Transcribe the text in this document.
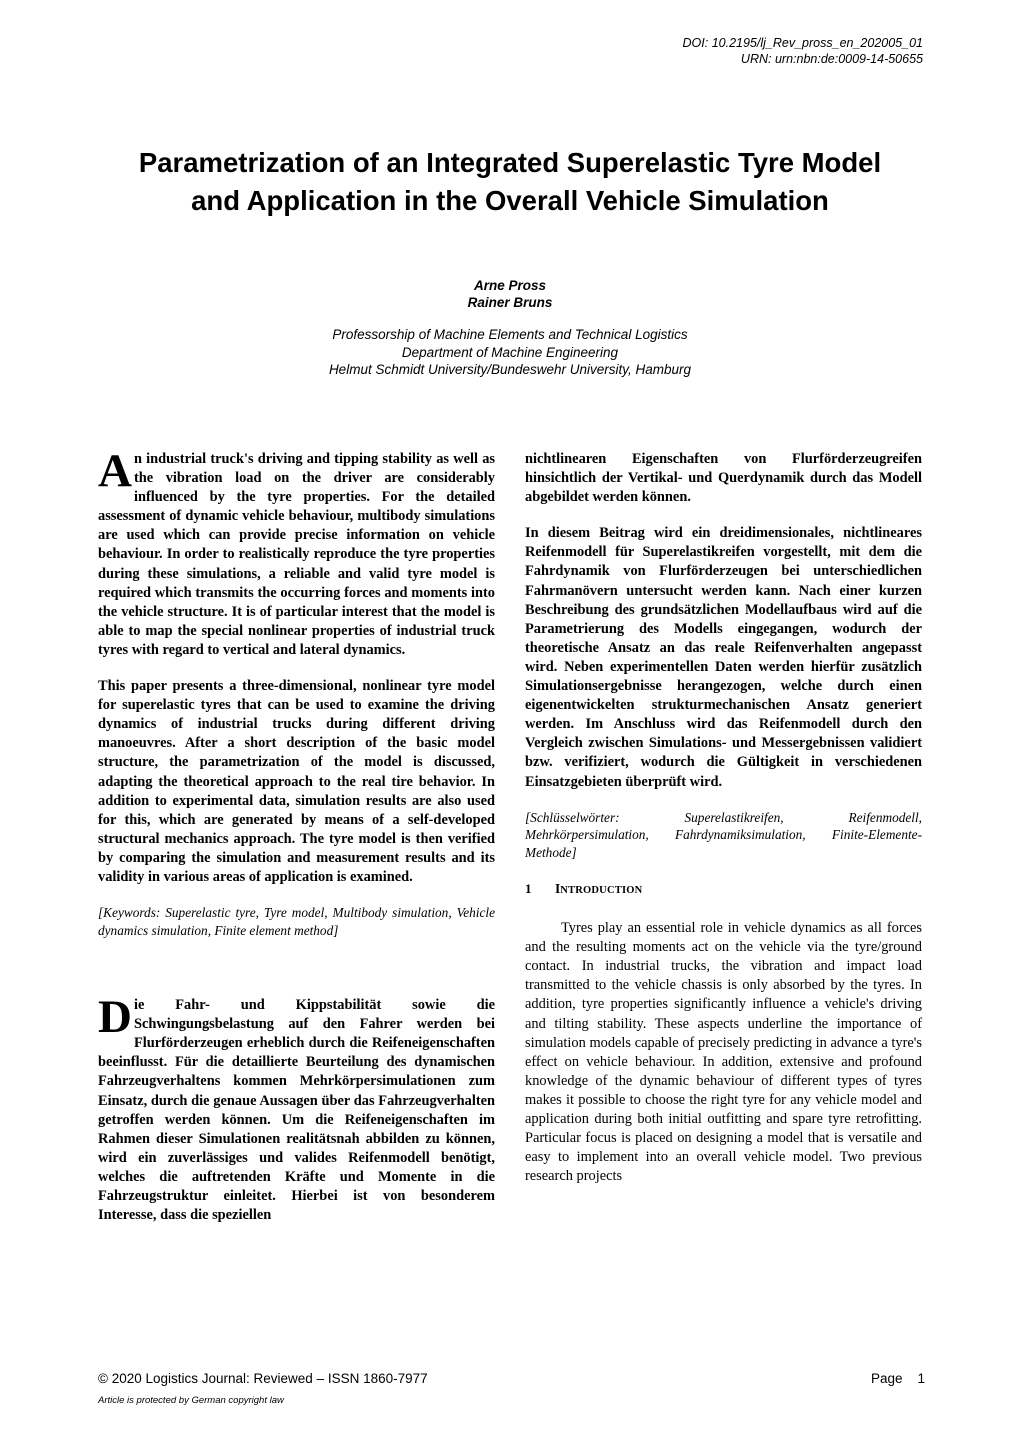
DOI: 10.2195/lj_Rev_pross_en_202005_01
URN: urn:nbn:de:0009-14-50655
Parametrization of an Integrated Superelastic Tyre Model
and Application in the Overall Vehicle Simulation
Arne Pross
Rainer Bruns
Professorship of Machine Elements and Technical Logistics
Department of Machine Engineering
Helmut Schmidt University/Bundeswehr University, Hamburg

An industrial truck's driving and tipping stability as well as the vibration load on the driver are considerably influenced by the tyre properties. For the detailed assessment of dynamic vehicle behaviour, multibody simulations are used which can provide precise information on vehicle behaviour. In order to realistically reproduce the tyre properties during these simulations, a reliable and valid tyre model is required which transmits the occurring forces and moments into the vehicle structure. It is of particular interest that the model is able to map the special nonlinear properties of industrial truck tyres with regard to vertical and lateral dynamics.

This paper presents a three-dimensional, nonlinear tyre model for superelastic tyres that can be used to examine the driving dynamics of industrial trucks during different driving manoeuvres. After a short description of the basic model structure, the parametrization of the model is discussed, adapting the theoretical approach to the real tire behavior. In addition to experimental data, simulation results are also used for this, which are generated by means of a self-developed structural mechanics approach. The tyre model is then verified by comparing the simulation and measurement results and its validity in various areas of application is examined.

[Keywords: Superelastic tyre, Tyre model, Multibody simulation, Vehicle dynamics simulation, Finite element method]

Die Fahr- und Kippstabilität sowie die Schwingungsbelastung auf den Fahrer werden bei Flurförderzeugen erheblich durch die Reifeneigenschaften beeinflusst. Für die detaillierte Beurteilung des dynamischen Fahrzeugverhaltens kommen Mehrkörpersimulationen zum Einsatz, durch die genaue Aussagen über das Fahrzeugverhalten getroffen werden können. Um die Reifeneigenschaften im Rahmen dieser Simulationen realitätsnah abbilden zu können, wird ein zuverlässiges und valides Reifenmodell benötigt, welches die auftretenden Kräfte und Momente in die Fahrzeugstruktur einleitet. Hierbei ist von besonderem Interesse, dass die speziellen

nichtlinearen Eigenschaften von Flurförderzeugreifen hinsichtlich der Vertikal- und Querdynamik durch das Modell abgebildet werden können.

In diesem Beitrag wird ein dreidimensionales, nichtlineares Reifenmodell für Superelastikreifen vorgestellt, mit dem die Fahrdynamik von Flurförderzeugen bei unterschiedlichen Fahrmanövern untersucht werden kann. Nach einer kurzen Beschreibung des grundsätzlichen Modellaufbaus wird auf die Parametrierung des Modells eingegangen, wodurch der theoretische Ansatz an das reale Reifenverhalten angepasst wird. Neben experimentellen Daten werden hierfür zusätzlich Simulationsergebnisse herangezogen, welche durch einen eigenentwickelten strukturmechanischen Ansatz generiert werden. Im Anschluss wird das Reifenmodell durch den Vergleich zwischen Simulations- und Messergebnissen validiert bzw. verifiziert, wodurch die Gültigkeit in verschiedenen Einsatzgebieten überprüft wird.

[Schlüsselwörter: Superelastikreifen, Reifenmodell, Mehrkörpersimulation, Fahrdynamiksimulation, Finite-Elemente-Methode]

1 INTRODUCTION

Tyres play an essential role in vehicle dynamics as all forces and the resulting moments act on the vehicle via the tyre/ground contact. In industrial trucks, the vibration and impact load transmitted to the vehicle chassis is only absorbed by the tyres. In addition, tyre properties significantly influence a vehicle's driving and tilting stability. These aspects underline the importance of simulation models capable of precisely predicting in advance a tyre's effect on vehicle behaviour. In addition, extensive and profound knowledge of the dynamic behaviour of different types of tyres makes it possible to choose the right tyre for any vehicle model and application during both initial outfitting and spare tyre retrofitting. Particular focus is placed on designing a model that is versatile and easy to implement into an overall vehicle model. Two previous research projects

© 2020 Logistics Journal: Reviewed – ISSN 1860-7977	Page 1
Article is protected by German copyright law
